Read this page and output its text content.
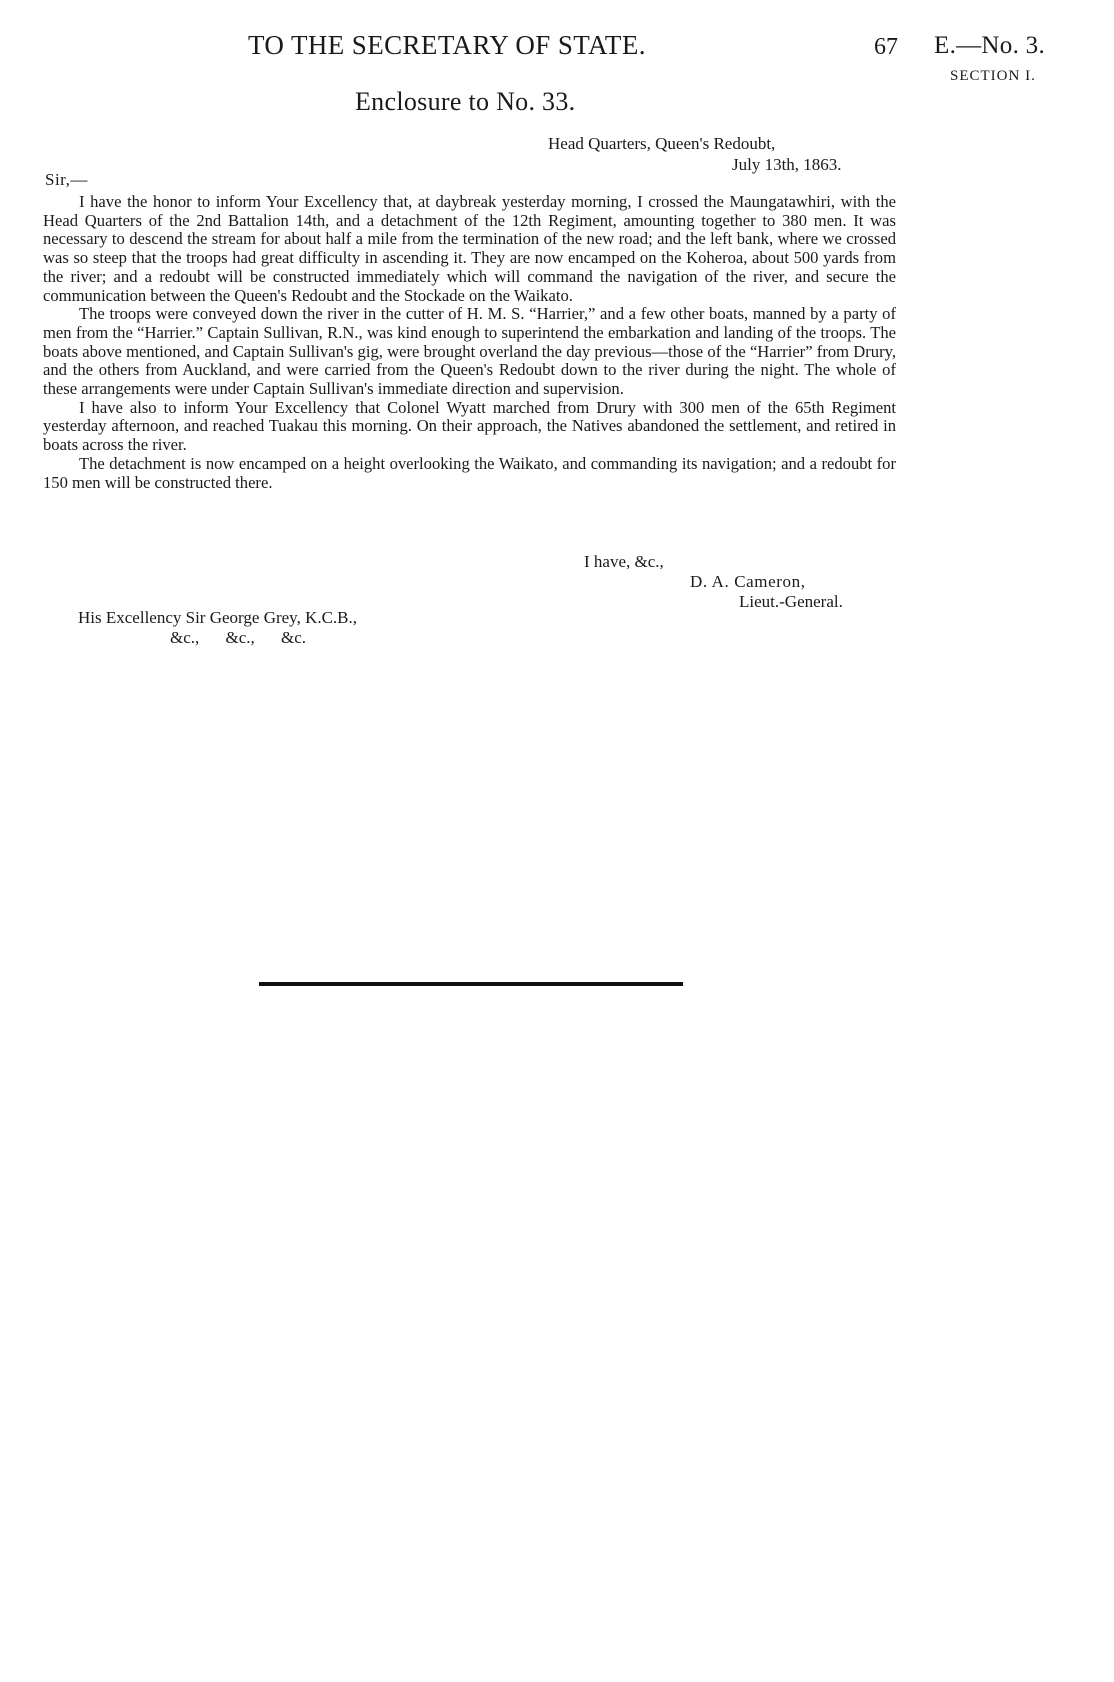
TO THE SECRETARY OF STATE.	67 E.—No. 3.
SECTION I.
Enclosure to No. 33.
Head Quarters, Queen's Redoubt,
July 13th, 1863.
Sir,—

I have the honor to inform Your Excellency that, at daybreak yesterday morning, I crossed the Maungatawhiri, with the Head Quarters of the 2nd Battalion 14th, and a detachment of the 12th Regiment, amounting together to 380 men. It was necessary to descend the stream for about half a mile from the termination of the new road; and the left bank, where we crossed was so steep that the troops had great difficulty in ascending it. They are now encamped on the Koheroa, about 500 yards from the river; and a redoubt will be constructed immediately which will command the navigation of the river, and secure the communication between the Queen's Redoubt and the Stockade on the Waikato.

The troops were conveyed down the river in the cutter of H. M. S. “Harrier,” and a few other boats, manned by a party of men from the “Harrier.” Captain Sullivan, R.N., was kind enough to superintend the embarkation and landing of the troops. The boats above mentioned, and Captain Sullivan's gig, were brought overland the day previous—those of the “Harrier” from Drury, and the others from Auckland, and were carried from the Queen's Redoubt down to the river during the night. The whole of these arrangements were under Captain Sullivan's immediate direction and supervision.

I have also to inform Your Excellency that Colonel Wyatt marched from Drury with 300 men of the 65th Regiment yesterday afternoon, and reached Tuakau this morning. On their approach, the Natives abandoned the settlement, and retired in boats across the river.

The detachment is now encamped on a height overlooking the Waikato, and commanding its navigation; and a redoubt for 150 men will be constructed there.

I have, &c.,
D. A. Cameron,
Lieut.-General.
His Excellency Sir George Grey, K.C.B.,
&c., &c., &c.
